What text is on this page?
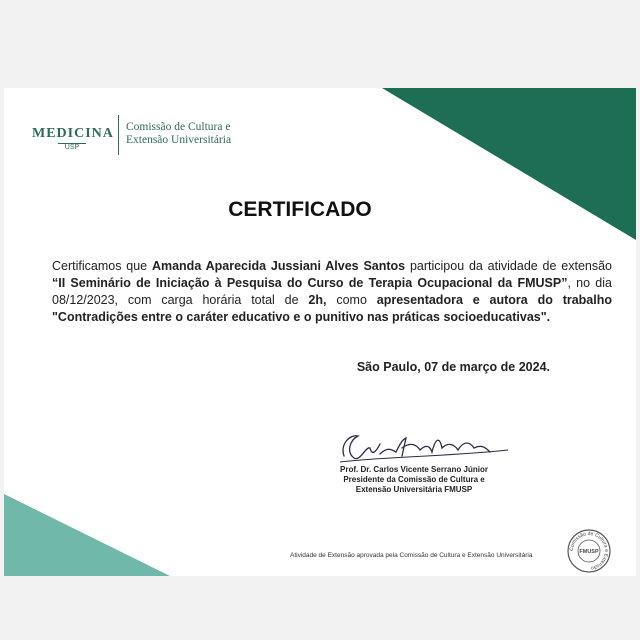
MEDICINA
USP
Comissão de Cultura e
Extensão Universitária
CERTIFICADO
Certificamos que Amanda Aparecida Jussiani Alves Santos participou da atividade de extensão “II Seminário de Iniciação à Pesquisa do Curso de Terapia Ocupacional da FMUSP”, no dia 08/12/2023, com carga horária total de 2h, como apresentadora e autora do trabalho "Contradições entre o caráter educativo e o punitivo nas práticas socioeducativas".
São Paulo, 07 de março de 2024.
Prof. Dr. Carlos Vicente Serrano Júnior
Presidente da Comissão de Cultura e
Extensão Universitária FMUSP
Atividade de Extensão aprovada pela Comissão de Cultura e Extensão Universitária
Comissão de Cultura e Extensão
FMUSP
